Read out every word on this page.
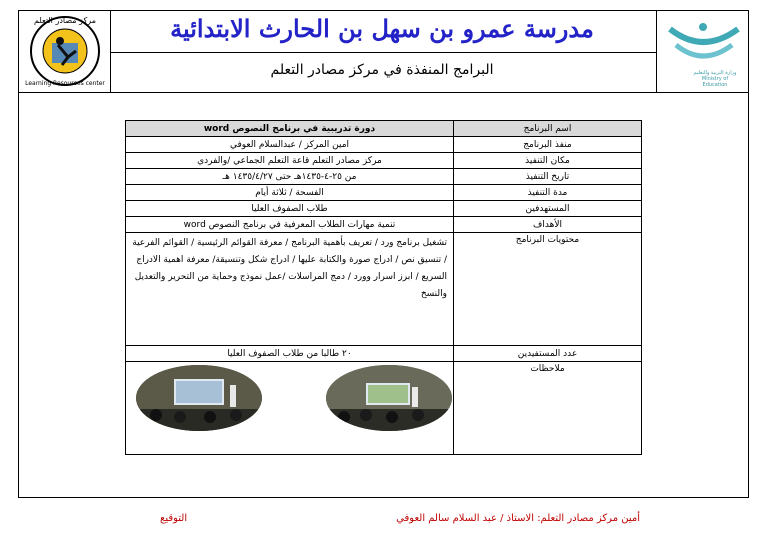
مركز مصادر التعلم
Learning Resources center
وزارة التربية والتعليم
Ministry of Education
مدرسة عمرو بن سهل بن الحارث الابتدائية
البرامج المنفذة في مركز مصادر التعلم
اسم البرنامج	دورة تدريبية في برنامج النصوص word
منفذ البرنامج	امين المركز / عبدالسلام العوفي
مكان التنفيذ	مركز مصادر التعلم قاعة التعلم الجماعي /والفردي
تاريخ التنفيذ	من ٢٥-٤-١٤٣٥هـ حتى ١٤٣٥/٤/٢٧ هـ
مدة التنفيذ	الفسحة / ثلاثة أيام
المستهدفين	طلاب الصفوف العليا
الأهداف	تنمية مهارات الطلاب المعرفية في برنامج النصوص word
محتويات البرنامج	تشغيل برنامج ورد / تعريف بأهمية البرنامج / معرفة القوائم الرئيسية / القوائم الفرعية / تنسيق نص / ادراج صورة والكتابة عليها / ادراج شكل وتنسيقة/ معرفة اهمية الادراج السريع / ابرز اسرار وورد / دمج المراسلات /عمل نموذج وحماية من التحرير والتعديل والنسخ
عدد المستفيدين	٢٠ طالبا من طلاب الصفوف العليا
ملاحظات	
التوقيع	أمين مركز مصادر التعلم: الاستاذ / عبد السلام سالم العوفي
